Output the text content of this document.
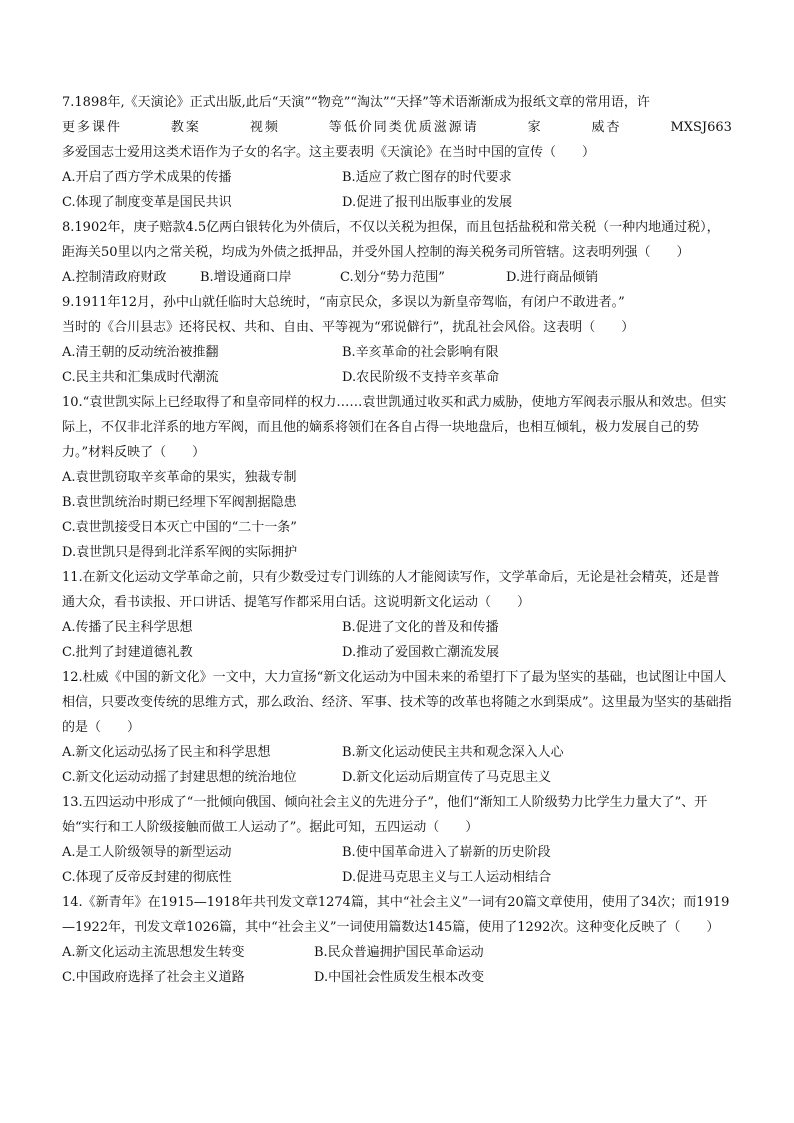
7.1898年,《天演论》正式出版,此后“天演”“物竞”“淘汰”“天择”等术语渐渐成为报纸文章的常用语，许

更多课件	教案	视频	等低价同类优质滋源请	家	威杏	MXSJ663

多爱国志士爱用这类术语作为子女的名字。这主要表明《天演论》在当时中国的宣传（　　）

A.开启了西方学术成果的传播	B.适应了救亡图存的时代要求
C.体现了制度变革是国民共识	D.促进了报刊出版事业的发展

8.1902年，庚子赔款4.5亿两白银转化为外债后，不仅以关税为担保，而且包括盐税和常关税（一种内地通过税），距海关50里以内之常关税，均成为外债之抵押品，并受外国人控制的海关税务司所管辖。这表明列强（　　）

A.控制清政府财政	B.增设通商口岸	C.划分“势力范围”	D.进行商品倾销

9.1911年12月，孙中山就任临时大总统时，“南京民众，多误以为新皇帝驾临，有闭户不敢进者。”

当时的《合川县志》还将民权、共和、自由、平等视为“邪说僻行”，扰乱社会风俗。这表明（　　）

A.清王朝的反动统治被推翻	B.辛亥革命的社会影响有限
C.民主共和汇集成时代潮流	D.农民阶级不支持辛亥革命

10.“袁世凯实际上已经取得了和皇帝同样的权力……袁世凯通过收买和武力威胁，使地方军阀表示服从和效忠。但实际上，不仅非北洋系的地方军阀，而且他的嫡系将领们在各自占得一块地盘后，也相互倾轧，极力发展自己的势力。”材料反映了（　　）

A.袁世凯窃取辛亥革命的果实，独裁专制
B.袁世凯统治时期已经埋下军阀割据隐患
C.袁世凯接受日本灭亡中国的“二十一条”
D.袁世凯只是得到北洋系军阀的实际拥护

11.在新文化运动文学革命之前，只有少数受过专门训练的人才能阅读写作，文学革命后，无论是社会精英，还是普通大众，看书读报、开口讲话、提笔写作都采用白话。这说明新文化运动（　　）

A.传播了民主科学思想	B.促进了文化的普及和传播
C.批判了封建道德礼教	D.推动了爱国救亡潮流发展

12.杜威《中国的新文化》一文中，大力宣扬“新文化运动为中国未来的希望打下了最为坚实的基础，也试图让中国人相信，只要改变传统的思维方式，那么政治、经济、军事、技术等的改革也将随之水到渠成”。这里最为坚实的基础指的是（　　）

A.新文化运动弘扬了民主和科学思想	B.新文化运动使民主共和观念深入人心
C.新文化运动动摇了封建思想的统治地位	D.新文化运动后期宣传了马克思主义

13.五四运动中形成了“一批倾向俄国、倾向社会主义的先进分子”，他们“渐知工人阶级势力比学生力量大了”、开始“实行和工人阶级接触而做工人运动了”。据此可知，五四运动（　　）

A.是工人阶级领导的新型运动	B.使中国革命进入了崭新的历史阶段
C.体现了反帝反封建的彻底性	D.促进马克思主义与工人运动相结合

14.《新青年》在1915—1918年共刊发文章1274篇，其中“社会主义”一词有20篇文章使用，使用了34次；而1919—1922年，刊发文章1026篇，其中“社会主义”一词使用篇数达145篇，使用了1292次。这种变化反映了（　　）

A.新文化运动主流思想发生转变	B.民众普遍拥护国民革命运动
C.中国政府选择了社会主义道路	D.中国社会性质发生根本改变
